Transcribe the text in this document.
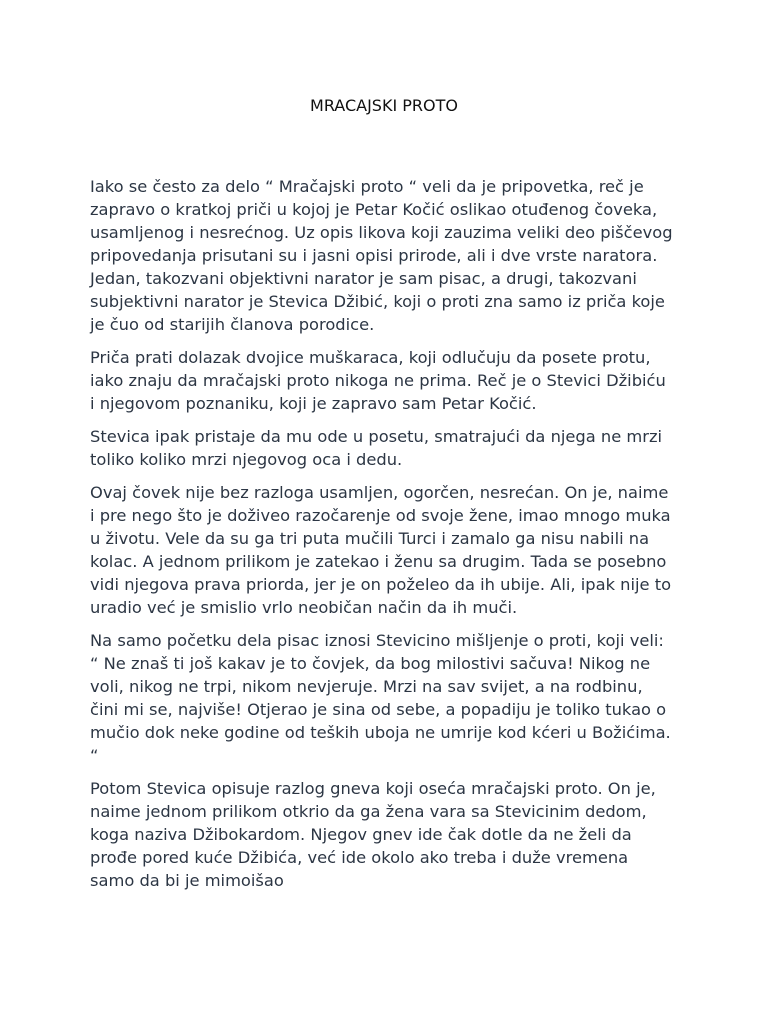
MRACAJSKI PROTO

Iako se često za delo “ Mračajski proto “ veli da je pripovetka, reč je
zapravo o kratkoj priči u kojoj je Petar Kočić oslikao otuđenog čoveka,
usamljenog i nesrećnog. Uz opis likova koji zauzima veliki deo piščevog
pripovedanja prisutani su i jasni opisi prirode, ali i dve vrste naratora.
Jedan, takozvani objektivni narator je sam pisac, a drugi, takozvani
subjektivni narator je Stevica Džibić, koji o proti zna samo iz priča koje
je čuo od starijih članova porodice.

Priča prati dolazak dvojice muškaraca, koji odlučuju da posete protu,
iako znaju da mračajski proto nikoga ne prima. Reč je o Stevici Džibiću
i njegovom poznaniku, koji je zapravo sam Petar Kočić.

Stevica ipak pristaje da mu ode u posetu, smatrajući da njega ne mrzi
toliko koliko mrzi njegovog oca i dedu.

Ovaj čovek nije bez razloga usamljen, ogorčen, nesrećan. On je, naime
i pre nego što je doživeo razočarenje od svoje žene, imao mnogo muka
u životu. Vele da su ga tri puta mučili Turci i zamalo ga nisu nabili na
kolac. A jednom prilikom je zatekao i ženu sa drugim. Tada se posebno
vidi njegova prava priorda, jer je on poželeo da ih ubije. Ali, ipak nije to
uradio već je smislio vrlo neobičan način da ih muči.

Na samo početku dela pisac iznosi Stevicino mišljenje o proti, koji veli:
“ Ne znaš ti još kakav je to čovjek, da bog milostivi sačuva! Nikog ne
voli, nikog ne trpi, nikom nevjeruje. Mrzi na sav svijet, a na rodbinu,
čini mi se, najviše! Otjerao je sina od sebe, a popadiju je toliko tukao o
mučio dok neke godine od teških uboja ne umrije kod kćeri u Božićima.
“

Potom Stevica opisuje razlog gneva koji oseća mračajski proto. On je,
naime jednom prilikom otkrio da ga žena vara sa Stevicinim dedom,
koga naziva Džibokardom. Njegov gnev ide čak dotle da ne želi da
prođe pored kuće Džibića, već ide okolo ako treba i duže vremena
samo da bi je mimoišao
